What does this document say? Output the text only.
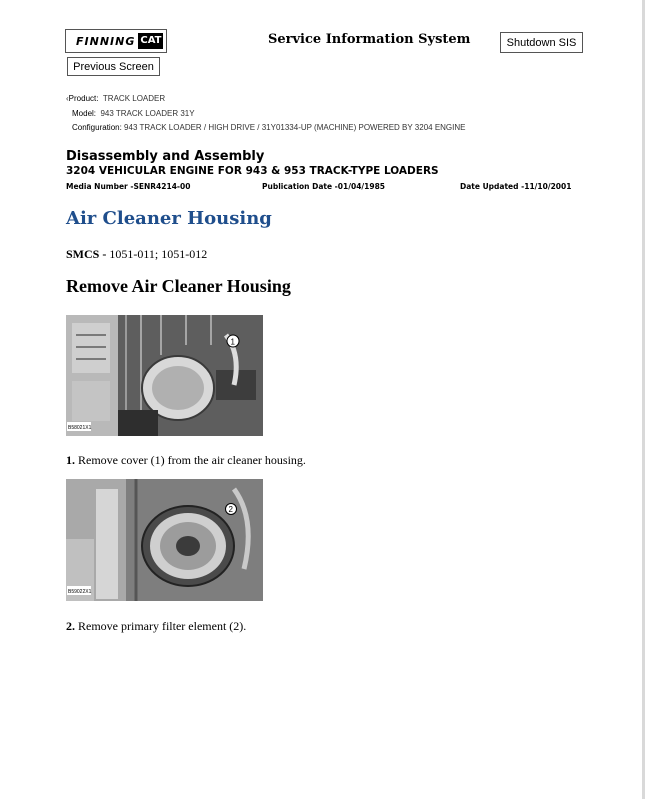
FINNING CAT	Service Information System	Shutdown SIS
Previous Screen
‹Product: TRACK LOADER
Model: 943 TRACK LOADER 31Y
Configuration: 943 TRACK LOADER / HIGH DRIVE / 31Y01334-UP (MACHINE) POWERED BY 3204 ENGINE
Disassembly and Assembly
3204 VEHICULAR ENGINE FOR 943 & 953 TRACK-TYPE LOADERS
Media Number -SENR4214-00	Publication Date -01/04/1985	Date Updated -11/10/2001
Air Cleaner Housing
SMCS - 1051-011; 1051-012
Remove Air Cleaner Housing
1
B58021X1
1. Remove cover (1) from the air cleaner housing.
2
B59022X1
2. Remove primary filter element (2).
